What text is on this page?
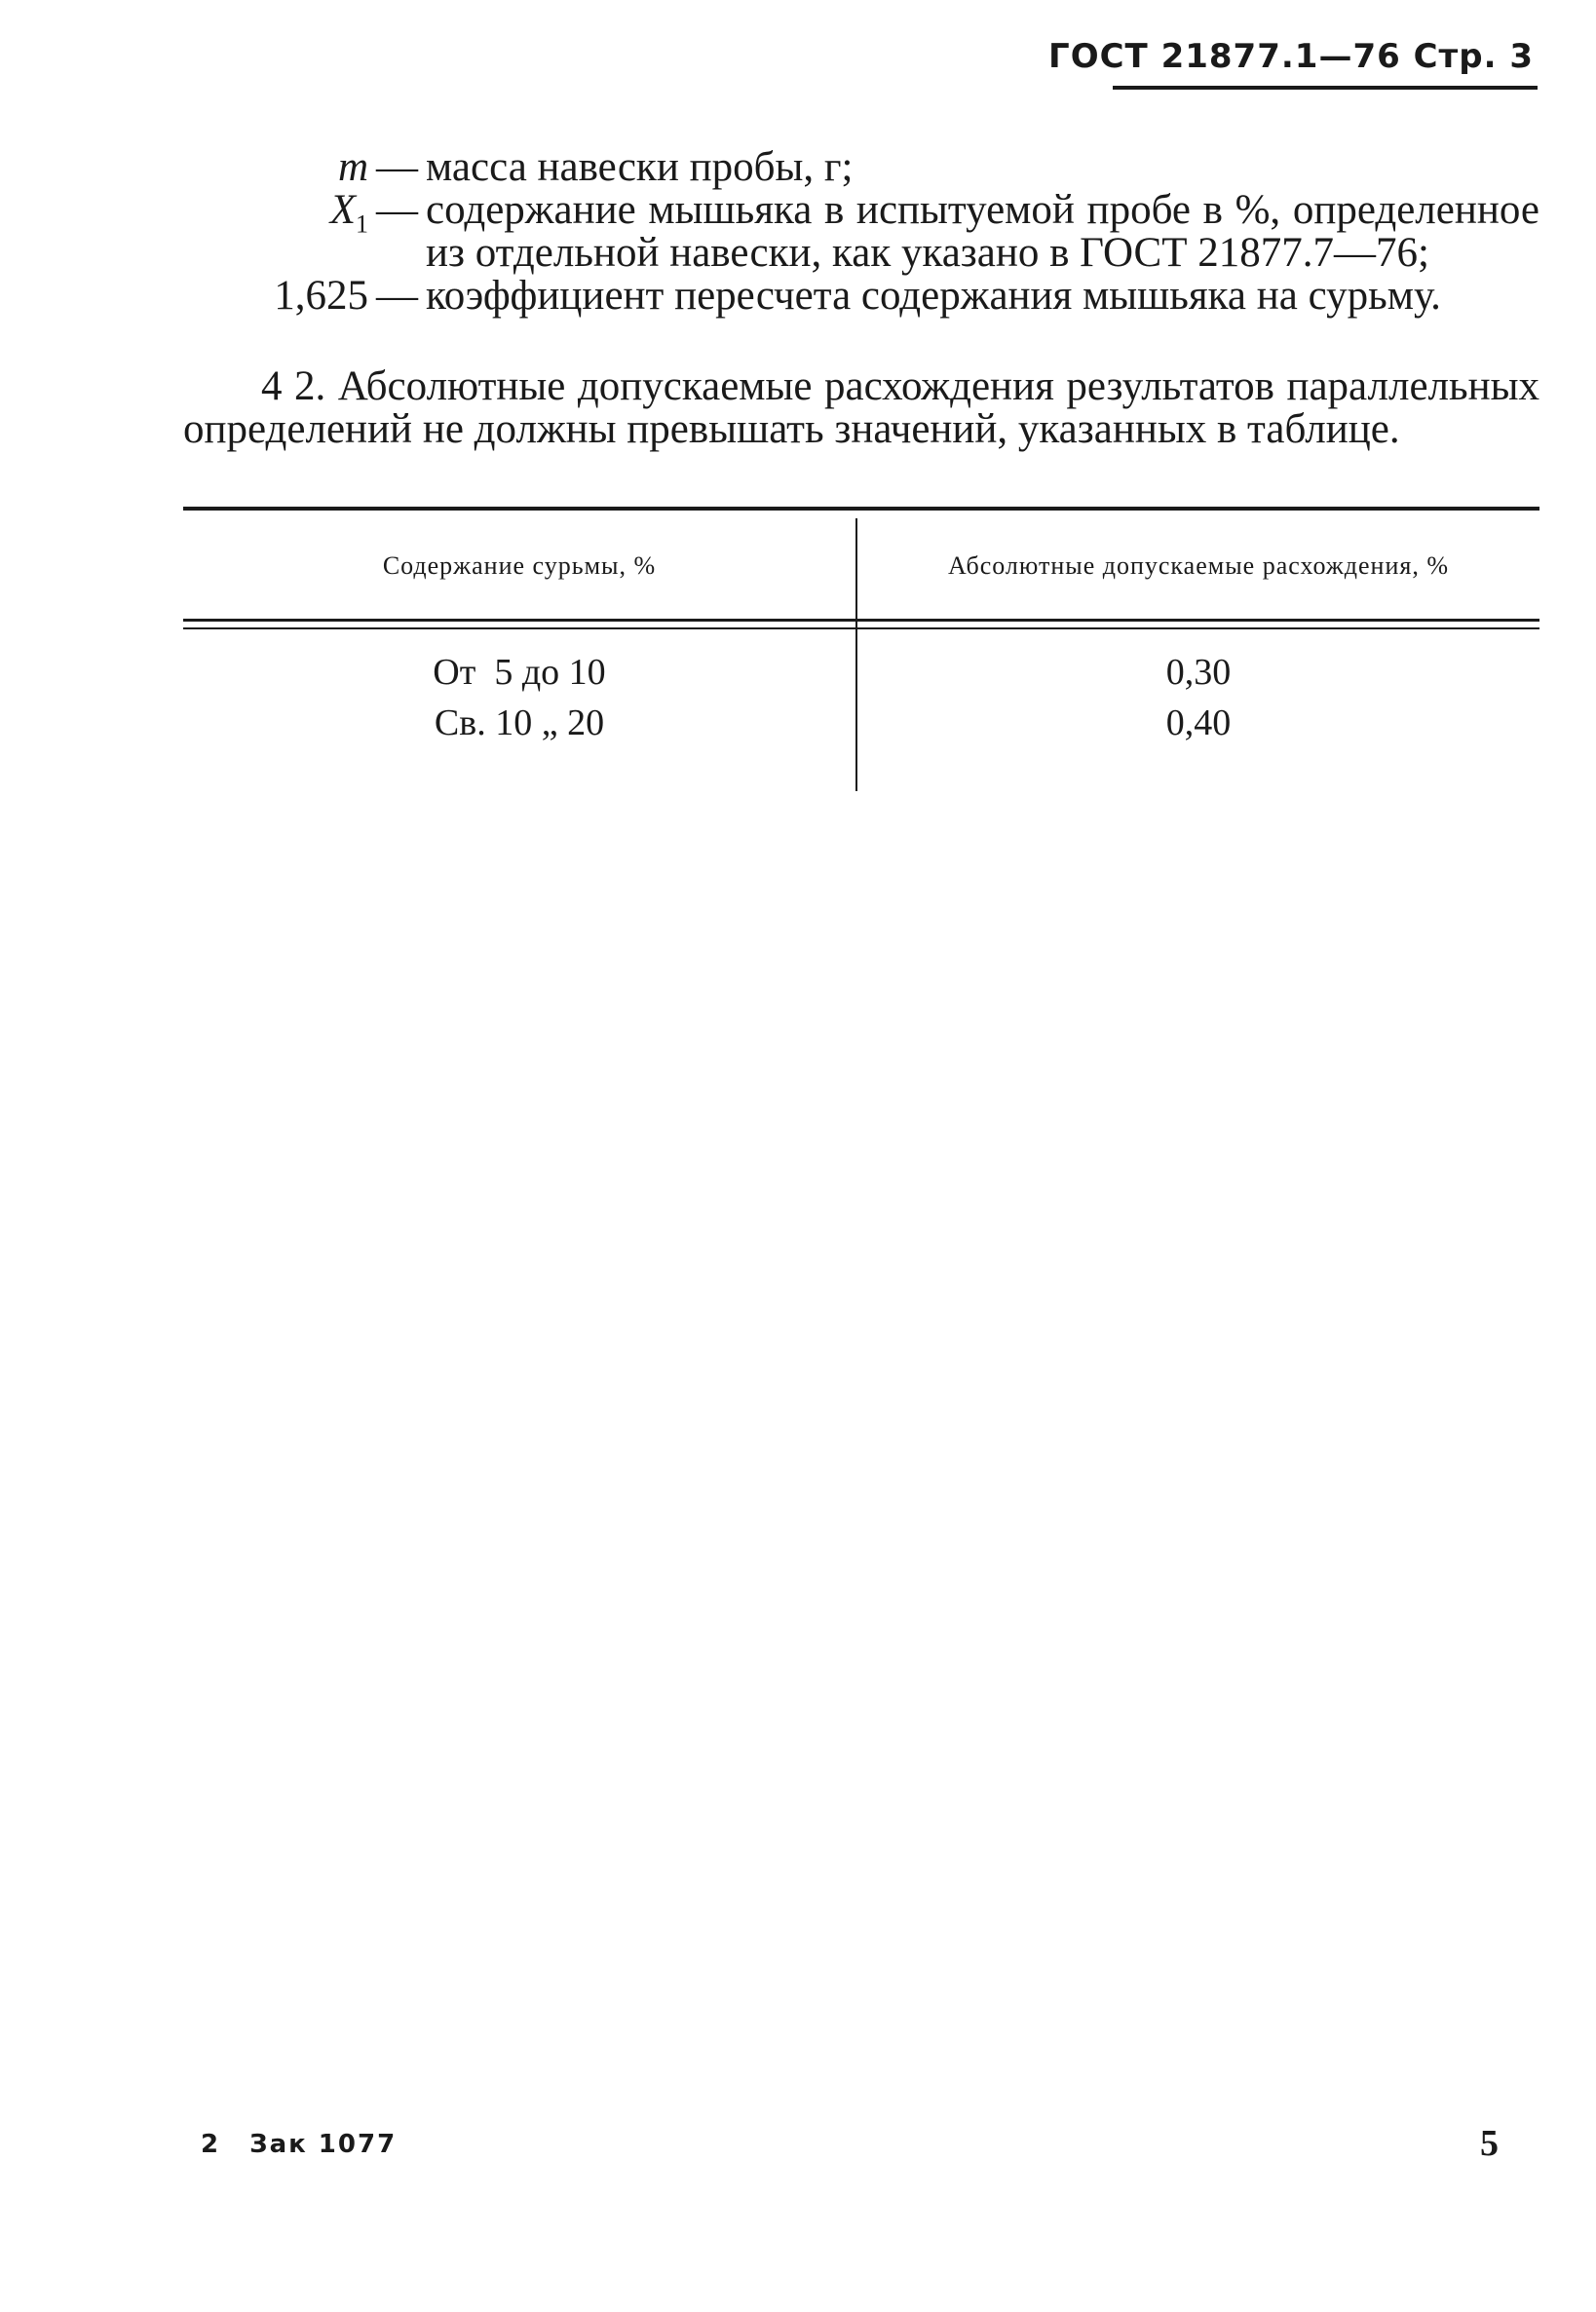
ГОСТ 21877.1—76 Стр. 3
m — масса навески пробы, г;
$X_1$ — содержание мышьяка в испытуемой пробе в %, определенное из отдельной навески, как указано в ГОСТ 21877.7—76;
1,625 — коэффициент пересчета содержания мышьяка на сурьму.
4 2. Абсолютные допускаемые расхождения результатов параллельных определений не должны превышать значений, указанных в таблице.
Содержание сурьмы, %	Абсолютные допускаемые расхождения, %
От  5 до 10	0,30
Св. 10 „ 20	0,40
2 Зак 1077	5
